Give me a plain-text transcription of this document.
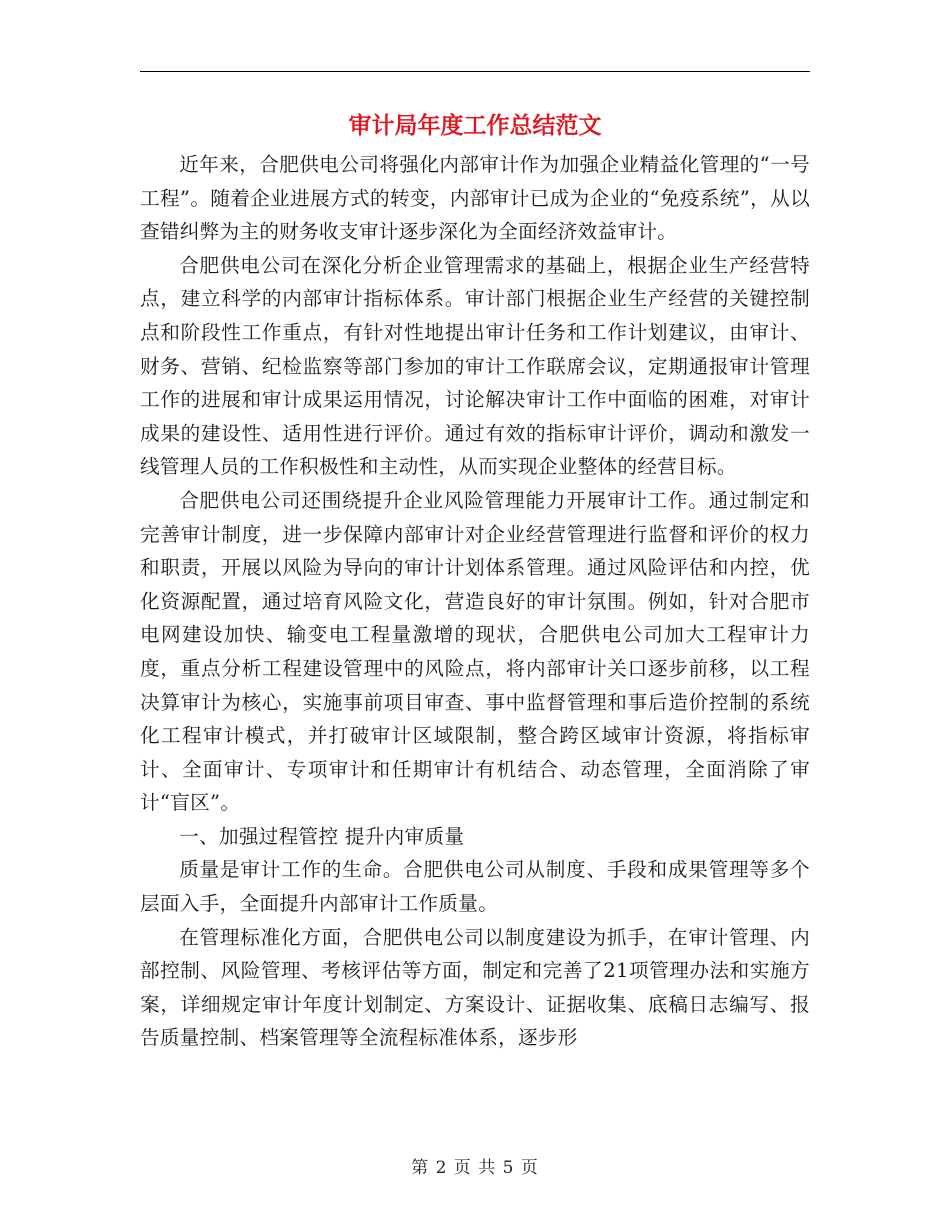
审计局年度工作总结范文

近年来，合肥供电公司将强化内部审计作为加强企业精益化管理的“一号工程”。随着企业进展方式的转变，内部审计已成为企业的“免疫系统”，从以查错纠弊为主的财务收支审计逐步深化为全面经济效益审计。

合肥供电公司在深化分析企业管理需求的基础上，根据企业生产经营特点，建立科学的内部审计指标体系。审计部门根据企业生产经营的关键控制点和阶段性工作重点，有针对性地提出审计任务和工作计划建议，由审计、财务、营销、纪检监察等部门参加的审计工作联席会议，定期通报审计管理工作的进展和审计成果运用情况，讨论解决审计工作中面临的困难，对审计成果的建设性、适用性进行评价。通过有效的指标审计评价，调动和激发一线管理人员的工作积极性和主动性，从而实现企业整体的经营目标。

合肥供电公司还围绕提升企业风险管理能力开展审计工作。通过制定和完善审计制度，进一步保障内部审计对企业经营管理进行监督和评价的权力和职责，开展以风险为导向的审计计划体系管理。通过风险评估和内控，优化资源配置，通过培育风险文化，营造良好的审计氛围。例如，针对合肥市电网建设加快、输变电工程量激增的现状，合肥供电公司加大工程审计力度，重点分析工程建设管理中的风险点，将内部审计关口逐步前移，以工程决算审计为核心，实施事前项目审查、事中监督管理和事后造价控制的系统化工程审计模式，并打破审计区域限制，整合跨区域审计资源，将指标审计、全面审计、专项审计和任期审计有机结合、动态管理，全面消除了审计“盲区”。

一、加强过程管控 提升内审质量

质量是审计工作的生命。合肥供电公司从制度、手段和成果管理等多个层面入手，全面提升内部审计工作质量。

在管理标准化方面，合肥供电公司以制度建设为抓手，在审计管理、内部控制、风险管理、考核评估等方面，制定和完善了21项管理办法和实施方案，详细规定审计年度计划制定、方案设计、证据收集、底稿日志编写、报告质量控制、档案管理等全流程标准体系，逐步形

第 2 页 共 5 页
